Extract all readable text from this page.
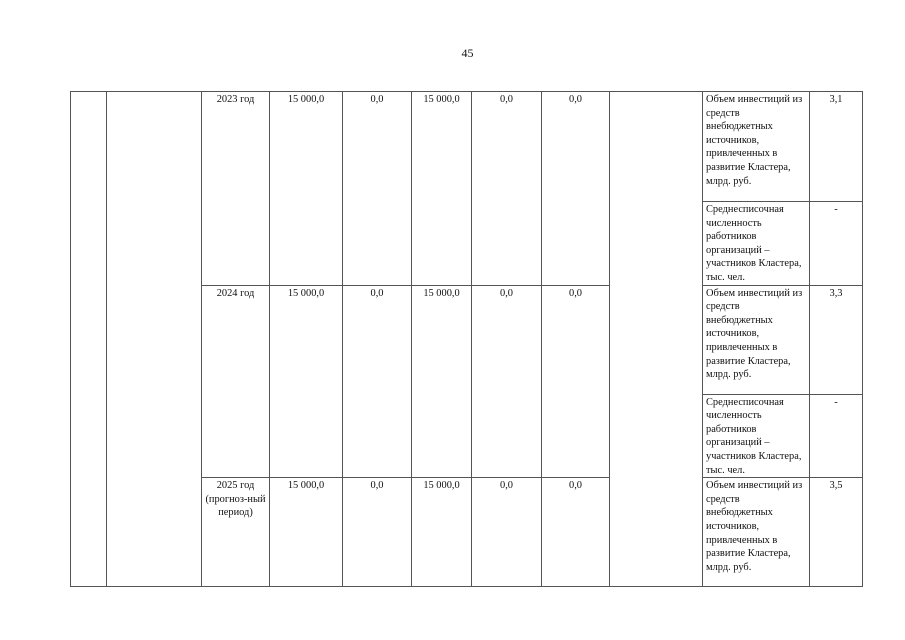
45
		2023 год	15 000,0	0,0	15 000,0	0,0	0,0		Объем инвестиций из средств внебюджетных источников, привлеченных в развитие Кластера, млрд. руб.	3,1
									Среднесписочная численность работников организаций – участников Кластера, тыс. чел.	-
		2024 год	15 000,0	0,0	15 000,0	0,0	0,0		Объем инвестиций из средств внебюджетных источников, привлеченных в развитие Кластера, млрд. руб.	3,3
									Среднесписочная численность работников организаций – участников Кластера, тыс. чел.	-
		2025 год (прогноз-ный период)	15 000,0	0,0	15 000,0	0,0	0,0		Объем инвестиций из средств внебюджетных источников, привлеченных в развитие Кластера, млрд. руб.	3,5
